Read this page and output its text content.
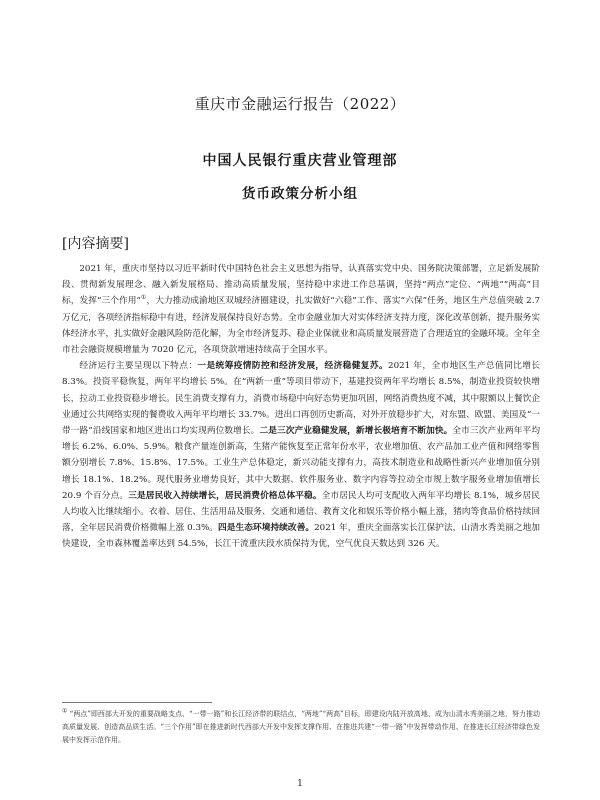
重庆市金融运行报告（2022）
中国人民银行重庆营业管理部
货币政策分析小组
[内容摘要]

2021 年，重庆市坚持以习近平新时代中国特色社会主义思想为指导，认真落实党中央、国务院决策部署，立足新发展阶段、贯彻新发展理念、融入新发展格局、推动高质量发展，坚持稳中求进工作总基调，坚持“两点”定位、“两地”“两高”目标，发挥“三个作用”①，大力推动成渝地区双城经济圈建设，扎实做好“六稳”工作、落实“六保”任务，地区生产总值突破 2.7 万亿元，各项经济指标稳中有进，经济发展保持良好态势。全市金融业加大对实体经济支持力度，深化改革创新，提升服务实体经济水平，扎实做好金融风险防范化解，为全市经济复苏、稳企业保就业和高质量发展营造了合理适宜的金融环境。全年全市社会融资规模增量为 7020 亿元，各项贷款增速持续高于全国水平。

经济运行主要呈现以下特点：一是统筹疫情防控和经济发展，经济稳健复苏。2021 年，全市地区生产总值同比增长 8.3%。投资平稳恢复，两年平均增长 5%。在“两新一重”等项目带动下，基建投资两年平均增长 8.5%，制造业投资较快增长，拉动工业投资稳步增长。民生消费支撑有力，消费市场稳中向好态势更加巩固，网络消费热度不减，其中限额以上餐饮企业通过公共网络实现的餐费收入两年平均增长 33.7%。进出口再创历史新高，对外开放稳步扩大，对东盟、欧盟、美国及“一带一路”沿线国家和地区进出口均实现两位数增长。二是三次产业稳健发展，新增长极培育不断加快。全市三次产业两年平均增长 6.2%、6.0%、5.9%。粮食产量连创新高，生猪产能恢复至正常年份水平，农业增加值、农产品加工业产值和网络零售额分别增长 7.8%、15.8%、17.5%。工业生产总体稳定，新兴动能支撑有力，高技术制造业和战略性新兴产业增加值分别增长 18.1%、18.2%。现代服务业增势良好，其中大数据、软件服务业、数字内容等拉动全市规上数字服务业增加值增长 20.9 个百分点。三是居民收入持续增长，居民消费价格总体平稳。全市居民人均可支配收入两年平均增长 8.1%，城乡居民人均收入比继续缩小。衣着、居住、生活用品及服务、交通和通信、教育文化和娱乐等价格小幅上涨，猪肉等食品价格持续回落，全年居民消费价格微幅上涨 0.3%。四是生态环境持续改善。2021 年，重庆全面落实长江保护法，山清水秀美丽之地加快建设，全市森林覆盖率达到 54.5%，长江干流重庆段水质保持为优，空气优良天数达到 326 天。

① “两点”即西部大开发的重要战略支点、“一带一路”和长江经济带的联结点，“两地”“两高”目标，即建设内陆开放高地、成为山清水秀美丽之地，努力推动高质量发展、创造高品质生活。“三个作用”即在推进新时代西部大开发中发挥支撑作用、在推进共建“一带一路”中发挥带动作用、在推进长江经济带绿色发展中发挥示范作用。
1
